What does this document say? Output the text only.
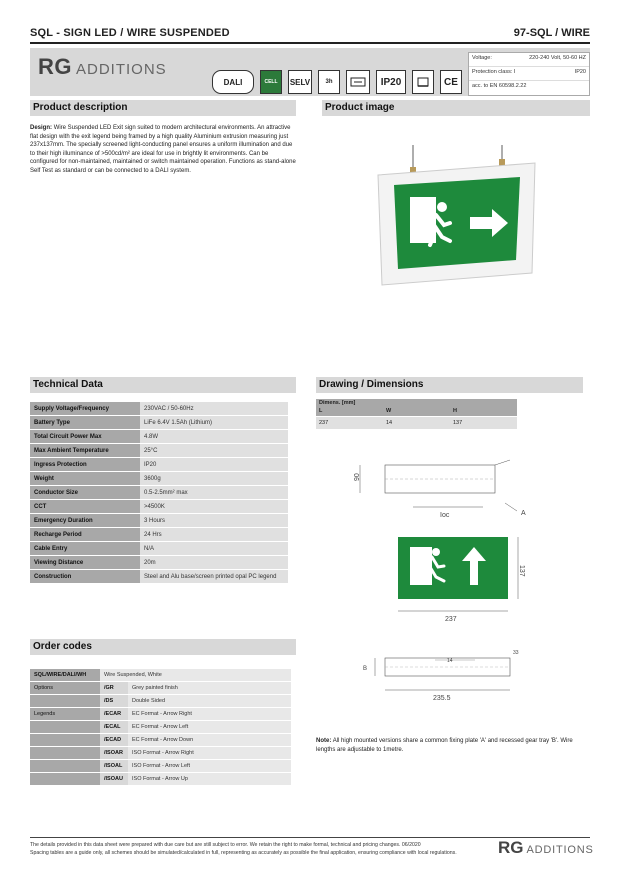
SQL - SIGN LED / WIRE SUSPENDED	97-SQL / WIRE
RG ADDITIONS
DALI	CELL SELV	3h	IP20	CE
Voltage:	220-240 Volt, 50-60 HZ
Protection class: I	IP20
acc. to EN 60598.2.22
Product description
Design: Wire Suspended LED Exit sign suited to modern architectural environments. An attractive flat design with the exit legend being framed by a high quality Aluminium extrusion measuring just 237x137mm. The specially screened light-conducting panel ensures a uniform illumination and due to their high illuminance of >500cd/m² are ideal for use in brightly lit environments. Can be configured for non-maintained, maintained or switch maintained operation. Functions as stand-alone Self Test as standard or can be connected to a DALI system.
Product image
Technical Data
Supply Voltage/Frequency	230VAC / 50-60Hz
Battery Type	LiFe 6.4V 1.5Ah (Lithium)
Total Circuit Power Max	4.8W
Max Ambient Temperature	25°C
Ingress Protection	IP20
Weight	3600g
Conductor Size	0.5-2.5mm² max
CCT	>4500K
Emergency Duration	3 Hours
Recharge Period	24 Hrs
Cable Entry	N/A
Viewing Distance	20m
Construction	Steel and Alu base/screen printed opal PC legend
Drawing / Dimensions
Dimens. [mm]
L	W	H
237	14	137
90
Ioc	A
137
237
14
33
B
235.5
Order codes
SQL/WIRE/DALI/WH	Wire Suspended, White	
Options	/GR	Grey painted finish
	/DS	Double Sided
Legends	/ECAR	EC Format - Arrow Right
	/ECAL	EC Format - Arrow Left
	/ECAD	EC Format - Arrow Down
	/ISOAR	ISO Format - Arrow Right
	/ISOAL	ISO Format - Arrow Left
	/ISOAU	ISO Format - Arrow Up
Note: All high mounted versions share a common fixing plate 'A' and recessed gear tray 'B'. Wire lengths are adjustable to 1metre.
The details provided in this data sheet were prepared with due care but are still subject to error. We retain the right to make formal, technical and pricing changes. 06/2020
Spacing tables are a guide only, all schemes should be simulated/calculated in full, representing as accurately as possible the final application, ensuring compliance with local regulations.	RG ADDITIONS
